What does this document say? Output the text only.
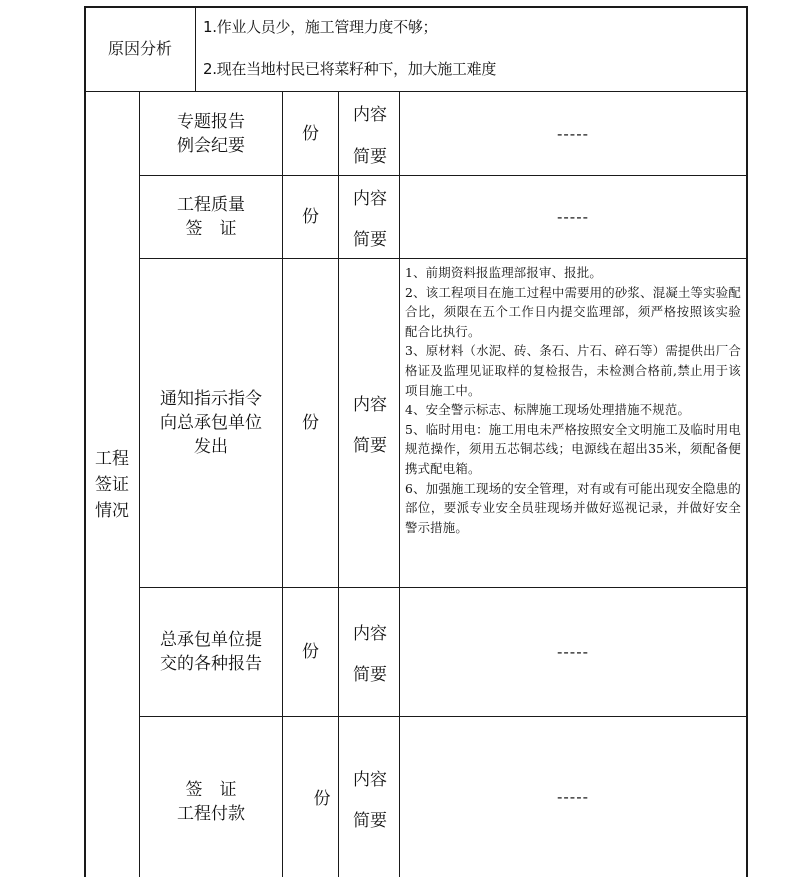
原因分析
1.作业人员少，施工管理力度不够；
2.现在当地村民已将菜籽种下，加大施工难度
工程签证情况
专题报告
例会纪要
份
内容
简要
-----
工程质量
签　证
份
内容
简要
-----
通知指示指令
向总承包单位
发出
份
内容
简要
1、前期资料报监理部报审、报批。
2、该工程项目在施工过程中需要用的砂浆、混凝土等实验配合比，须限在五个工作日内提交监理部，须严格按照该实验配合比执行。
3、原材料（水泥、砖、条石、片石、碎石等）需提供出厂合格证及监理见证取样的复检报告，未检测合格前,禁止用于该项目施工中。
4、安全警示标志、标牌施工现场处理措施不规范。
5、临时用电：施工用电未严格按照安全文明施工及临时用电规范操作，须用五芯铜芯线；电源线在超出35米，须配备便携式配电箱。
6、加强施工现场的安全管理，对有或有可能出现安全隐患的部位，要派专业安全员驻现场并做好巡视记录，并做好安全警示措施。
总承包单位提
交的各种报告
份
内容
简要
-----
签　证
工程付款
份
内容
简要
-----
